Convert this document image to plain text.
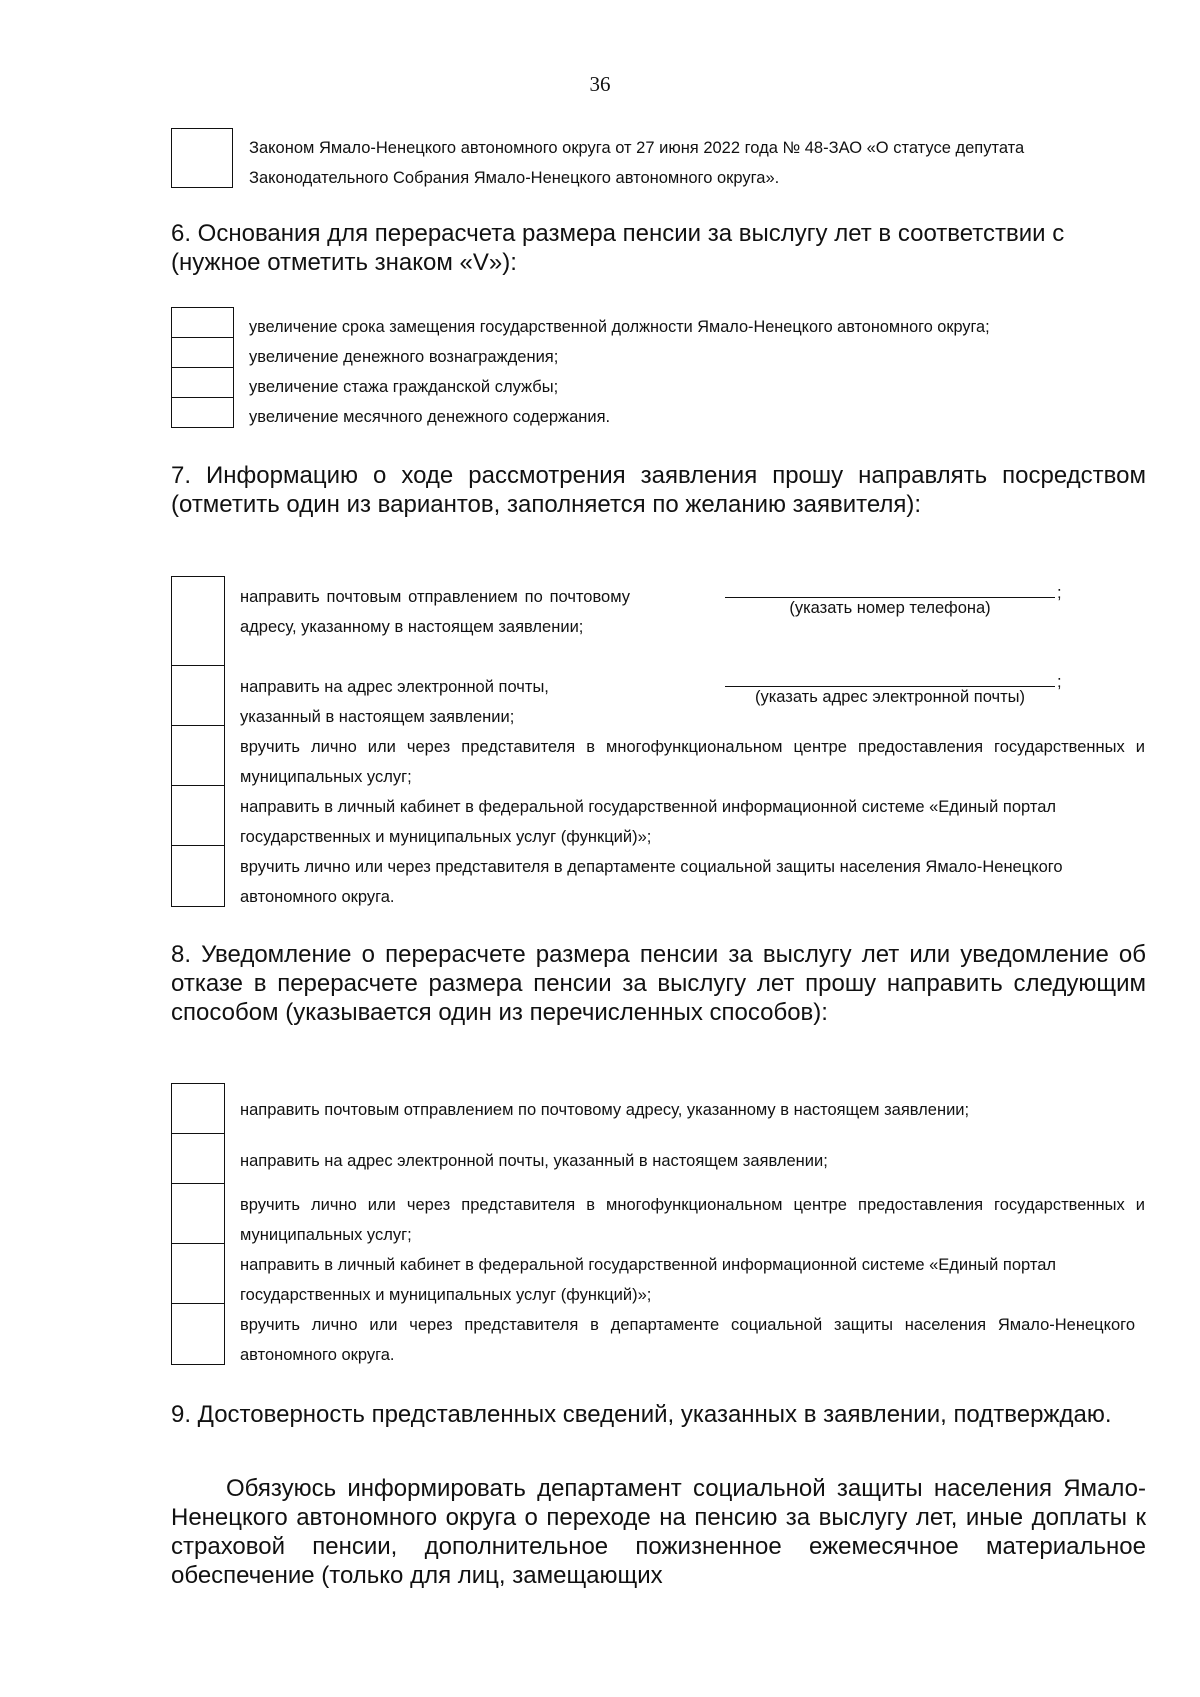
36
Законом Ямало-Ненецкого автономного округа от 27 июня 2022 года № 48-ЗАО «О статусе депутата Законодательного Собрания Ямало-Ненецкого автономного округа».
6. Основания для перерасчета размера пенсии за выслугу лет в соответствии с (нужное отметить знаком «V»):
увеличение срока замещения государственной должности Ямало-Ненецкого автономного округа;
увеличение денежного вознаграждения;
увеличение стажа гражданской службы;
увеличение месячного денежного содержания.
7. Информацию о ходе рассмотрения заявления прошу направлять посредством (отметить один из вариантов, заполняется по желанию заявителя):
направить почтовым отправлением по почтовому адресу, указанному в настоящем заявлении;
;
(указать номер телефона)
направить на адрес электронной почты, указанный в настоящем заявлении;
;
(указать адрес электронной почты)
вручить лично или через представителя в многофункциональном центре предоставления государственных и муниципальных услуг;
направить в личный кабинет в федеральной государственной информационной системе «Единый портал государственных и муниципальных услуг (функций)»;
вручить лично или через представителя в департаменте социальной защиты населения Ямало-Ненецкого автономного округа.
8. Уведомление о перерасчете размера пенсии за выслугу лет или уведомление об отказе в перерасчете размера пенсии за выслугу лет прошу направить следующим способом (указывается один из перечисленных способов):
направить почтовым отправлением по почтовому адресу, указанному в настоящем заявлении;
направить на адрес электронной почты, указанный в настоящем заявлении;
вручить лично или через представителя в многофункциональном центре предоставления государственных и муниципальных услуг;
направить в личный кабинет в федеральной государственной информационной системе «Единый портал государственных и муниципальных услуг (функций)»;
вручить лично или через представителя в департаменте социальной защиты населения Ямало-Ненецкого автономного округа.
9. Достоверность представленных сведений, указанных в заявлении, подтверждаю.
Обязуюсь информировать департамент социальной защиты населения Ямало-Ненецкого автономного округа о переходе на пенсию за выслугу лет, иные доплаты к страховой пенсии, дополнительное пожизненное ежемесячное материальное обеспечение (только для лиц, замещающих
